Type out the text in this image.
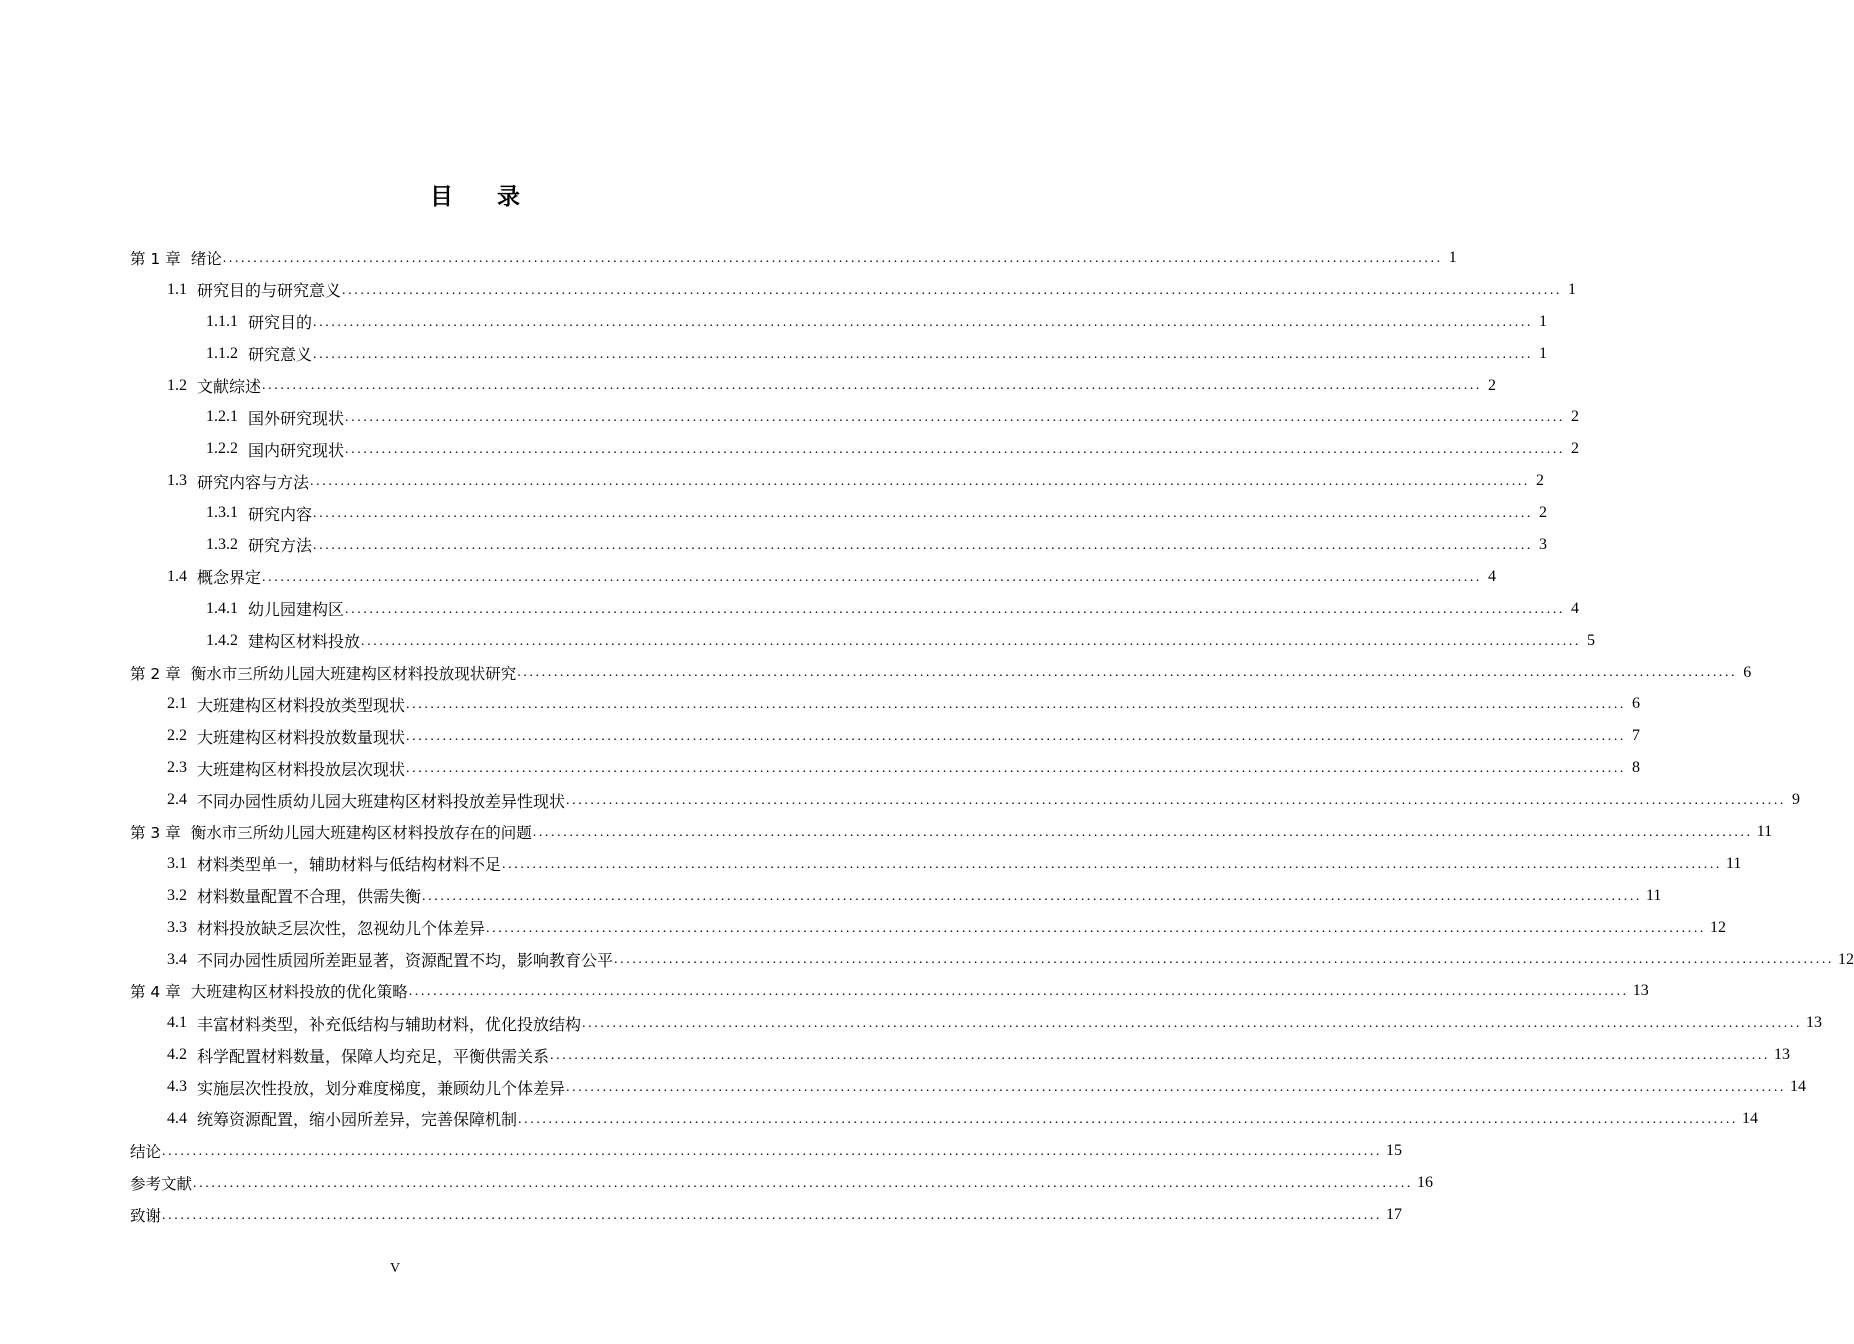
目 录
第 1 章 绪论 ........................................................................................................................................................................................................ 1
1.1 研究目的与研究意义 ........................................................................................................................................................................................................ 1
1.1.1 研究目的 ........................................................................................................................................................................................................ 1
1.1.2 研究意义 ........................................................................................................................................................................................................ 1
1.2 文献综述 ........................................................................................................................................................................................................ 2
1.2.1 国外研究现状 ........................................................................................................................................................................................................ 2
1.2.2 国内研究现状 ........................................................................................................................................................................................................ 2
1.3 研究内容与方法 ........................................................................................................................................................................................................ 2
1.3.1 研究内容 ........................................................................................................................................................................................................ 2
1.3.2 研究方法 ........................................................................................................................................................................................................ 3
1.4 概念界定 ........................................................................................................................................................................................................ 4
1.4.1 幼儿园建构区 ........................................................................................................................................................................................................ 4
1.4.2 建构区材料投放 ........................................................................................................................................................................................................ 5
第 2 章 衡水市三所幼儿园大班建构区材料投放现状研究 ........................................................................................................................................................................................................ 6
2.1 大班建构区材料投放类型现状 ........................................................................................................................................................................................................ 6
2.2 大班建构区材料投放数量现状 ........................................................................................................................................................................................................ 7
2.3 大班建构区材料投放层次现状 ........................................................................................................................................................................................................ 8
2.4 不同办园性质幼儿园大班建构区材料投放差异性现状 ........................................................................................................................................................................................................ 9
第 3 章 衡水市三所幼儿园大班建构区材料投放存在的问题 ........................................................................................................................................................................................................ 11
3.1 材料类型单一，辅助材料与低结构材料不足 ........................................................................................................................................................................................................ 11
3.2 材料数量配置不合理，供需失衡 ........................................................................................................................................................................................................ 11
3.3 材料投放缺乏层次性，忽视幼儿个体差异 ........................................................................................................................................................................................................ 12
3.4 不同办园性质园所差距显著，资源配置不均，影响教育公平 ........................................................................................................................................................................................................ 12
第 4 章 大班建构区材料投放的优化策略 ........................................................................................................................................................................................................ 13
4.1 丰富材料类型，补充低结构与辅助材料，优化投放结构 ........................................................................................................................................................................................................ 13
4.2 科学配置材料数量，保障人均充足，平衡供需关系 ........................................................................................................................................................................................................ 13
4.3 实施层次性投放，划分难度梯度，兼顾幼儿个体差异 ........................................................................................................................................................................................................ 14
4.4 统筹资源配置，缩小园所差异，完善保障机制 ........................................................................................................................................................................................................ 14
结论 ........................................................................................................................................................................................................ 15
参考文献 ........................................................................................................................................................................................................ 16
致谢 ........................................................................................................................................................................................................ 17
V
